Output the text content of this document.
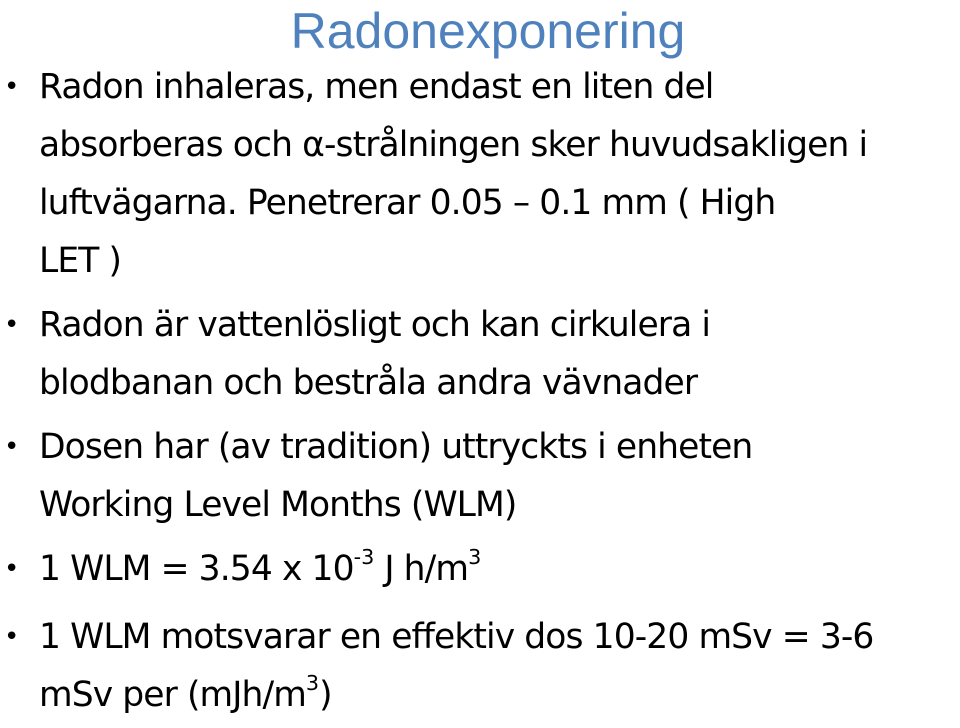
Radonexponering
• Radon inhaleras, men endast en liten del
absorberas och α-strålningen sker huvudsakligen i
luftvägarna. Penetrerar 0.05 – 0.1 mm ( High
LET )
• Radon är vattenlösligt och kan cirkulera i
blodbanan och bestråla andra vävnader
• Dosen har (av tradition) uttryckts i enheten
Working Level Months (WLM)
• 1 WLM = 3.54 x $10^{-3}$ J $h/m^3$
• 1 WLM motsvarar en effektiv dos 10-20 mSv = 3-6
mSv per $(mJh/m^3)$
